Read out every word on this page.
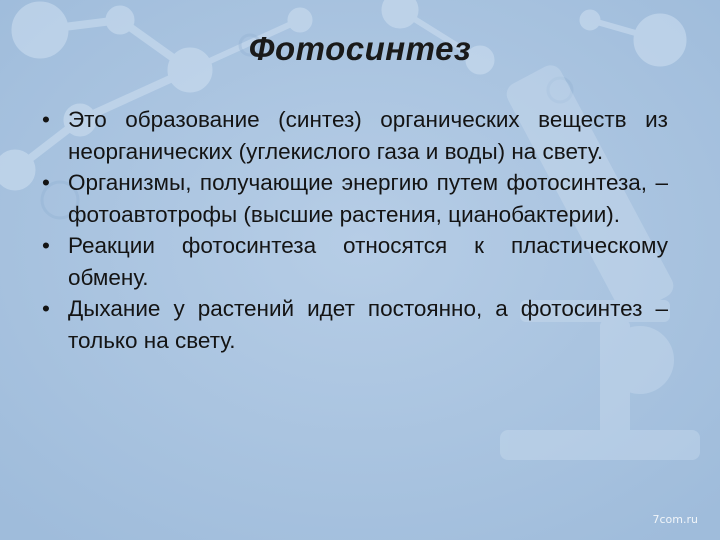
Фотосинтез
• Это образование (синтез) органических веществ из неорганических (углекислого газа и воды) на свету.
• Организмы, получающие энергию путем фотосинтеза, – фотоавтотрофы (высшие растения, цианобактерии).
• Реакции фотосинтеза относятся к пластическому обмену.
• Дыхание у растений идет постоянно, а фотосинтез – только на свету.
7com.ru
